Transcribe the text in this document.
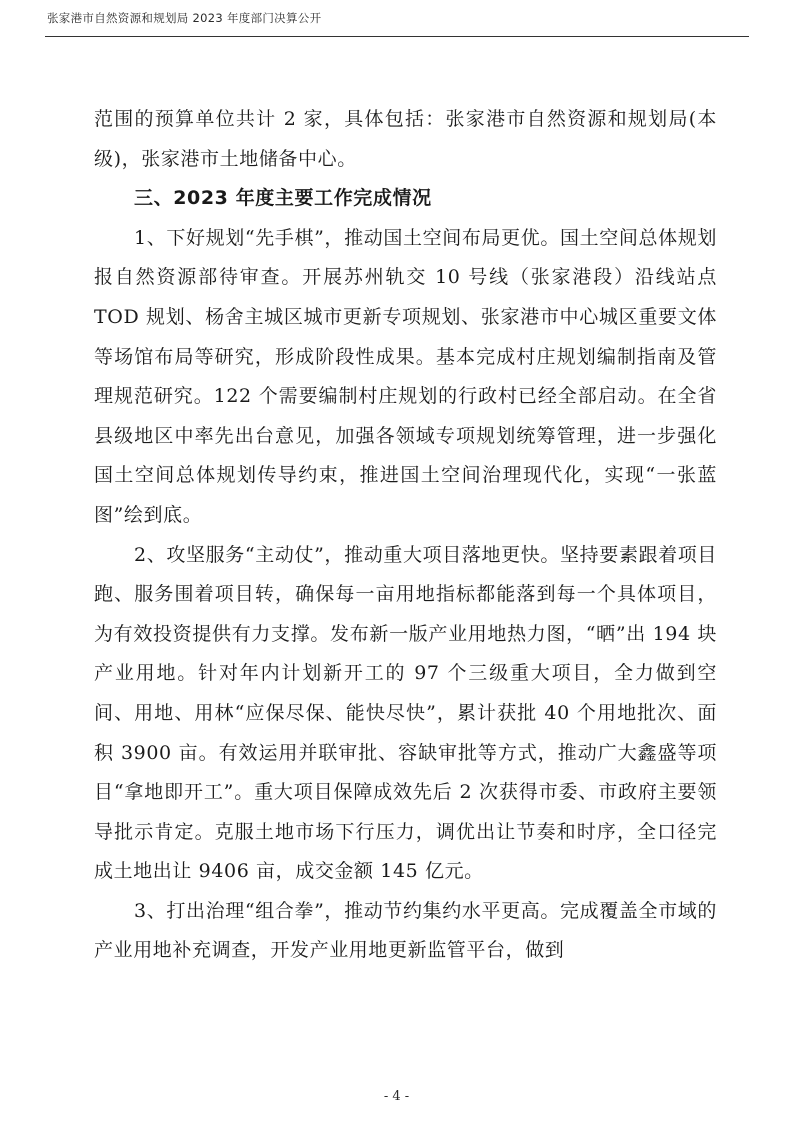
张家港市自然资源和规划局 2023 年度部门决算公开

范围的预算单位共计 2 家，具体包括：张家港市自然资源和规划局(本级)，张家港市土地储备中心。

三、2023 年度主要工作完成情况

1、下好规划“先手棋”，推动国土空间布局更优。国土空间总体规划报自然资源部待审查。开展苏州轨交 10 号线（张家港段）沿线站点 TOD 规划、杨舍主城区城市更新专项规划、张家港市中心城区重要文体等场馆布局等研究，形成阶段性成果。基本完成村庄规划编制指南及管理规范研究。122 个需要编制村庄规划的行政村已经全部启动。在全省县级地区中率先出台意见，加强各领域专项规划统筹管理，进一步强化国土空间总体规划传导约束，推进国土空间治理现代化，实现“一张蓝图”绘到底。

2、攻坚服务“主动仗”，推动重大项目落地更快。坚持要素跟着项目跑、服务围着项目转，确保每一亩用地指标都能落到每一个具体项目，为有效投资提供有力支撑。发布新一版产业用地热力图，“晒”出 194 块产业用地。针对年内计划新开工的 97 个三级重大项目，全力做到空间、用地、用林“应保尽保、能快尽快”，累计获批 40 个用地批次、面积 3900 亩。有效运用并联审批、容缺审批等方式，推动广大鑫盛等项目“拿地即开工”。重大项目保障成效先后 2 次获得市委、市政府主要领导批示肯定。克服土地市场下行压力，调优出让节奏和时序，全口径完成土地出让 9406 亩，成交金额 145 亿元。

3、打出治理“组合拳”，推动节约集约水平更高。完成覆盖全市域的产业用地补充调查，开发产业用地更新监管平台，做到

- 4 -
